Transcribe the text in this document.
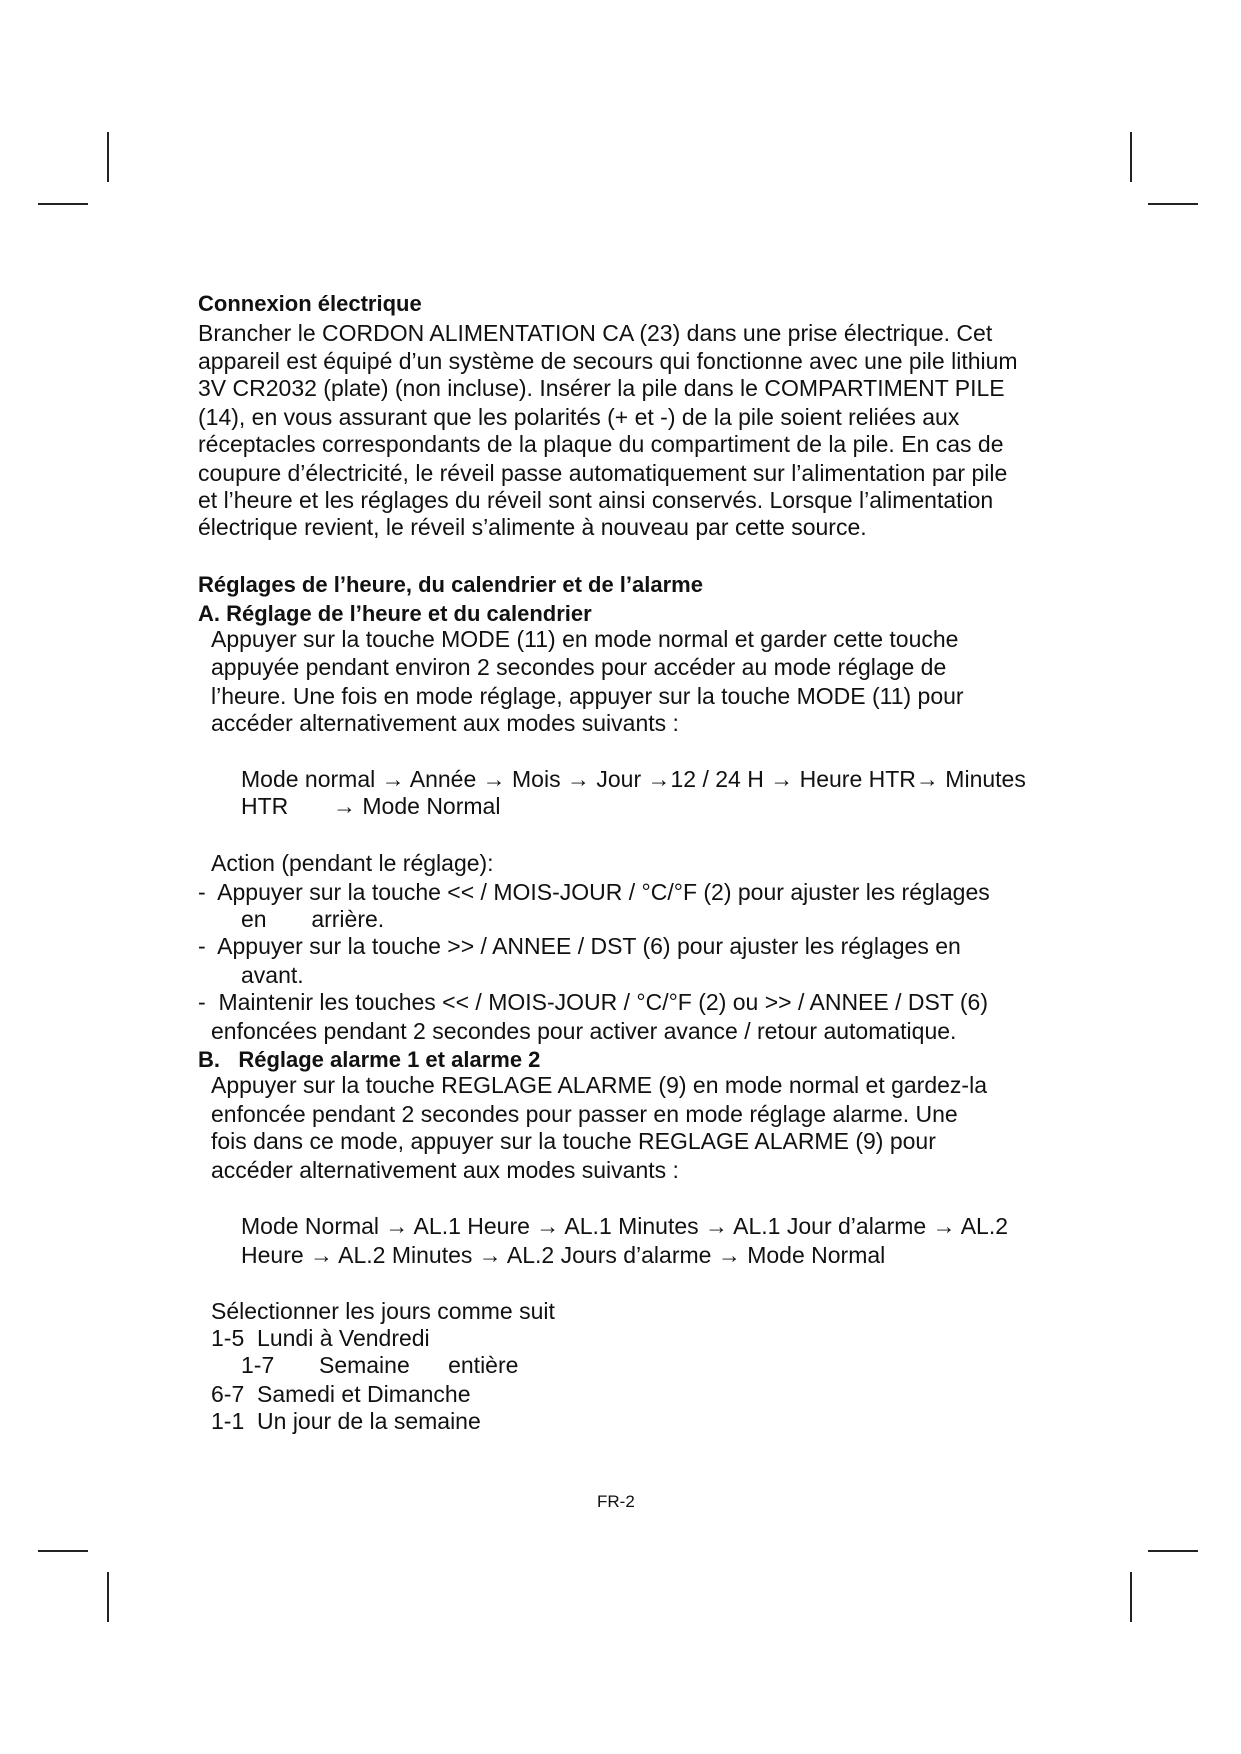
Connexion électrique
Brancher le CORDON ALIMENTATION CA (23) dans une prise électrique. Cet
appareil est équipé d’un système de secours qui fonctionne avec une pile lithium
3V CR2032 (plate) (non incluse). Insérer la pile dans le COMPARTIMENT PILE
(14), en vous assurant que les polarités (+ et -) de la pile soient reliées aux
réceptacles correspondants de la plaque du compartiment de la pile. En cas de
coupure d’électricité, le réveil passe automatiquement sur l’alimentation par pile
et l’heure et les réglages du réveil sont ainsi conservés. Lorsque l’alimentation
électrique revient, le réveil s’alimente à nouveau par cette source.
Réglages de l’heure, du calendrier et de l’alarme
A. Réglage de l’heure et du calendrier
Appuyer sur la touche MODE (11) en mode normal et garder cette touche
appuyée pendant environ 2 secondes pour accéder au mode réglage de
l’heure. Une fois en mode réglage, appuyer sur la touche MODE (11) pour
accéder alternativement aux modes suivants :
Mode normal → Année → Mois → Jour →12 / 24 H → Heure HTR→ Minutes
HTR       → Mode Normal
Action (pendant le réglage):
-  Appuyer sur la touche << / MOIS-JOUR / °C/°F (2) pour ajuster les réglages
en       arrière.
-  Appuyer sur la touche >> / ANNEE / DST (6) pour ajuster les réglages en
avant.
-  Maintenir les touches << / MOIS-JOUR / °C/°F (2) ou >> / ANNEE / DST (6)
enfoncées pendant 2 secondes pour activer avance / retour automatique.
B.   Réglage alarme 1 et alarme 2
Appuyer sur la touche REGLAGE ALARME (9) en mode normal et gardez-la
enfoncée pendant 2 secondes pour passer en mode réglage alarme. Une
fois dans ce mode, appuyer sur la touche REGLAGE ALARME (9) pour
accéder alternativement aux modes suivants :
Mode Normal → AL.1 Heure → AL.1 Minutes → AL.1 Jour d’alarme → AL.2
Heure → AL.2 Minutes → AL.2 Jours d’alarme → Mode Normal
Sélectionner les jours comme suit
1-5  Lundi à Vendredi
1-7       Semaine      entière
6-7  Samedi et Dimanche
1-1  Un jour de la semaine
FR-2
